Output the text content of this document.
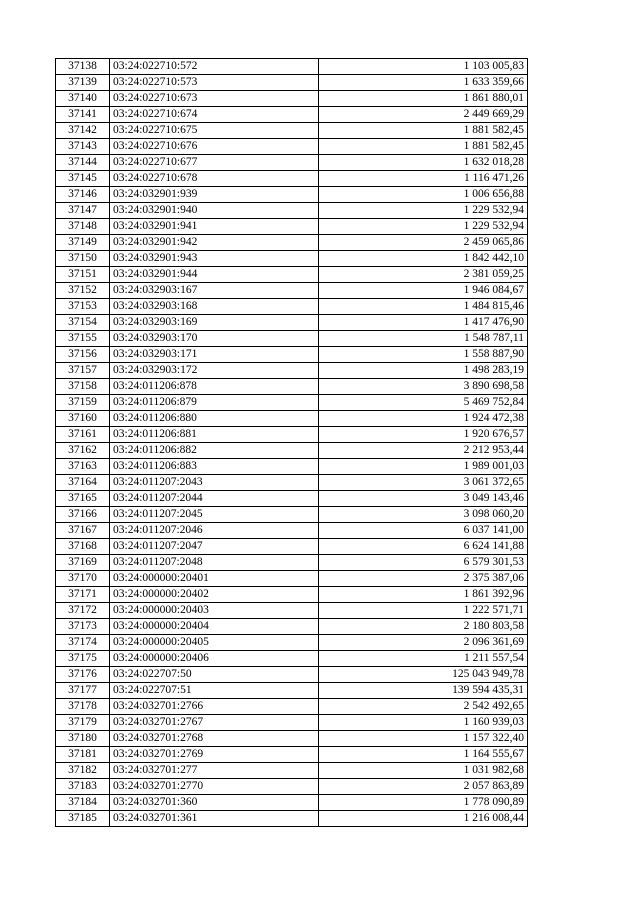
37138	03:24:022710:572	1 103 005,83
37139	03:24:022710:573	1 633 359,66
37140	03:24:022710:673	1 861 880,01
37141	03:24:022710:674	2 449 669,29
37142	03:24:022710:675	1 881 582,45
37143	03:24:022710:676	1 881 582,45
37144	03:24:022710:677	1 632 018,28
37145	03:24:022710:678	1 116 471,26
37146	03:24:032901:939	1 006 656,88
37147	03:24:032901:940	1 229 532,94
37148	03:24:032901:941	1 229 532,94
37149	03:24:032901:942	2 459 065,86
37150	03:24:032901:943	1 842 442,10
37151	03:24:032901:944	2 381 059,25
37152	03:24:032903:167	1 946 084,67
37153	03:24:032903:168	1 484 815,46
37154	03:24:032903:169	1 417 476,90
37155	03:24:032903:170	1 548 787,11
37156	03:24:032903:171	1 558 887,90
37157	03:24:032903:172	1 498 283,19
37158	03:24:011206:878	3 890 698,58
37159	03:24:011206:879	5 469 752,84
37160	03:24:011206:880	1 924 472,38
37161	03:24:011206:881	1 920 676,57
37162	03:24:011206:882	2 212 953,44
37163	03:24:011206:883	1 989 001,03
37164	03:24:011207:2043	3 061 372,65
37165	03:24:011207:2044	3 049 143,46
37166	03:24:011207:2045	3 098 060,20
37167	03:24:011207:2046	6 037 141,00
37168	03:24:011207:2047	6 624 141,88
37169	03:24:011207:2048	6 579 301,53
37170	03:24:000000:20401	2 375 387,06
37171	03:24:000000:20402	1 861 392,96
37172	03:24:000000:20403	1 222 571,71
37173	03:24:000000:20404	2 180 803,58
37174	03:24:000000:20405	2 096 361,69
37175	03:24:000000:20406	1 211 557,54
37176	03:24:022707:50	125 043 949,78
37177	03:24:022707:51	139 594 435,31
37178	03:24:032701:2766	2 542 492,65
37179	03:24:032701:2767	1 160 939,03
37180	03:24:032701:2768	1 157 322,40
37181	03:24:032701:2769	1 164 555,67
37182	03:24:032701:277	1 031 982,68
37183	03:24:032701:2770	2 057 863,89
37184	03:24:032701:360	1 778 090,89
37185	03:24:032701:361	1 216 008,44
